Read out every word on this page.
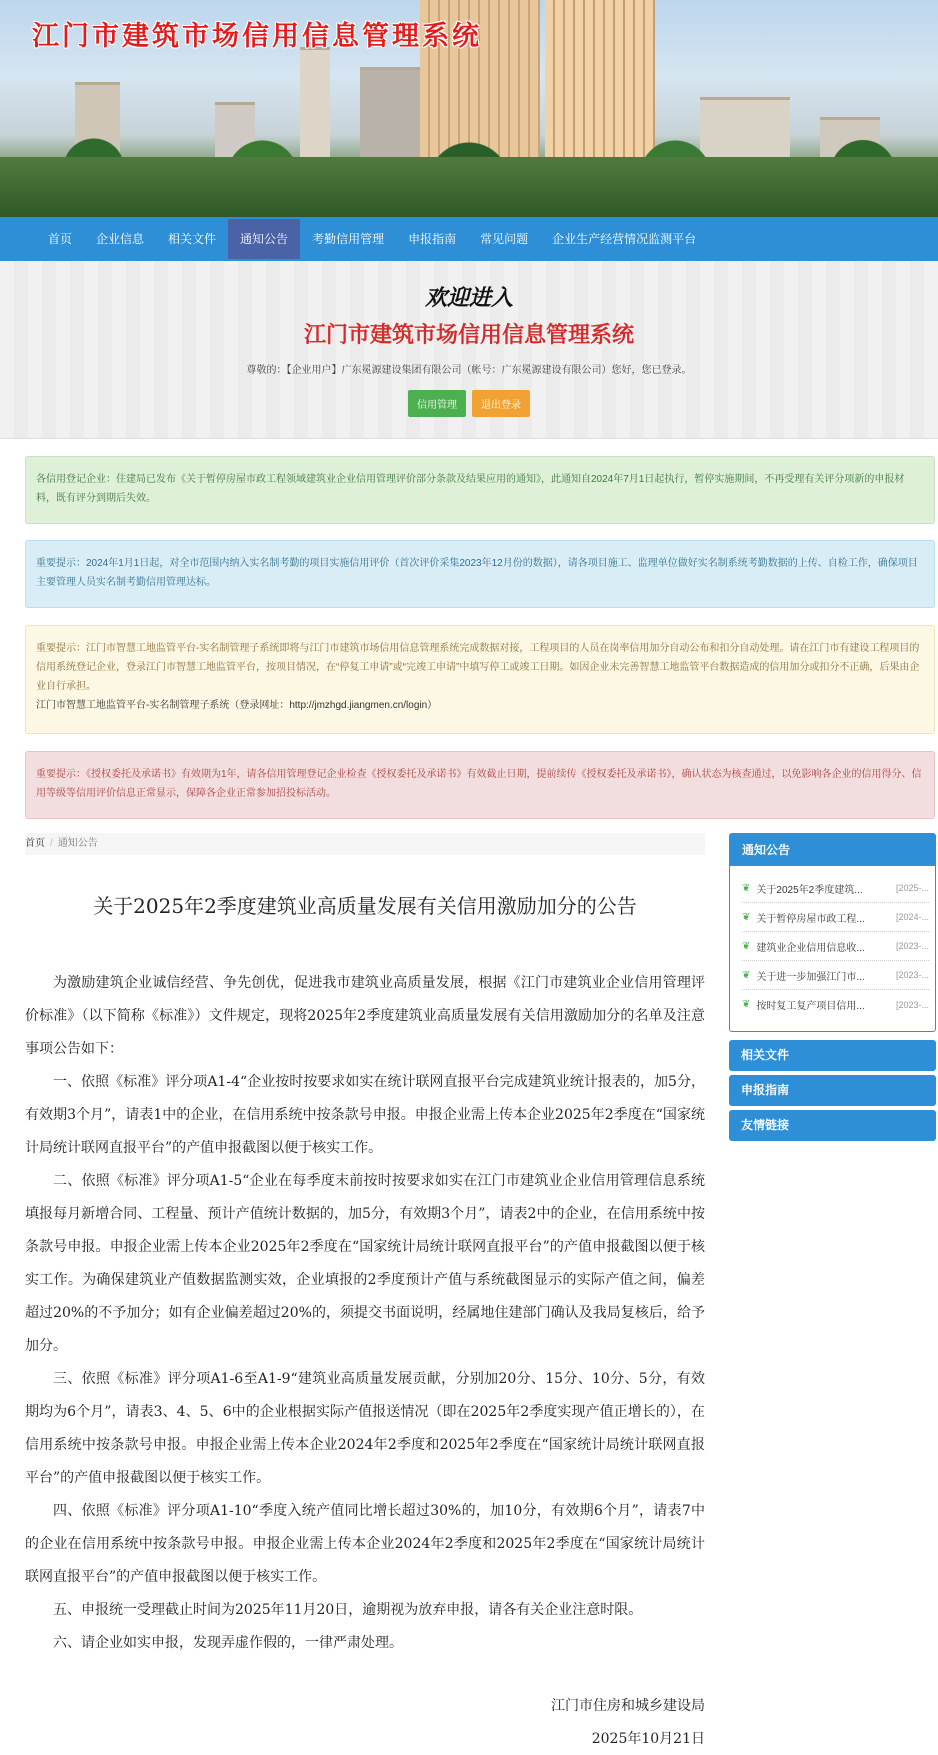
江门市建筑市场信用信息管理系统
首页	企业信息	相关文件	通知公告	考勤信用管理	申报指南	常见问题	企业生产经营情况监测平台
欢迎进入
江门市建筑市场信用信息管理系统
尊敬的：【企业用户】广东冕源建设集团有限公司（帐号：广东冕源建设有限公司）您好，您已登录。
信用管理	退出登录
各信用登记企业：住建局已发布《关于暂停房屋市政工程领域建筑业企业信用管理评价部分条款及结果应用的通知》，此通知自2024年7月1日起执行，暂停实施期间，不再受理有关评分项新的申报材料，既有评分到期后失效。
重要提示：2024年1月1日起，对全市范围内纳入实名制考勤的项目实施信用评价（首次评价采集2023年12月份的数据），请各项目施工、监理单位做好实名制系统考勤数据的上传、自检工作，确保项目主要管理人员实名制考勤信用管理达标。
重要提示：江门市智慧工地监管平台-实名制管理子系统即将与江门市建筑市场信用信息管理系统完成数据对接，工程项目的人员在岗率信用加分自动公布和扣分自动处理。请在江门市有建设工程项目的信用系统登记企业，登录江门市智慧工地监管平台，按项目情况，在“停复工申请”或“完竣工申请”中填写停工或竣工日期。如因企业未完善智慧工地监管平台数据造成的信用加分或扣分不正确，后果由企业自行承担。
江门市智慧工地监管平台-实名制管理子系统（登录网址：http://jmzhgd.jiangmen.cn/login）
重要提示：《授权委托及承诺书》有效期为1年，请各信用管理登记企业检查《授权委托及承诺书》有效截止日期，提前续传《授权委托及承诺书》，确认状态为核查通过，以免影响各企业的信用得分、信用等级等信用评价信息正常显示，保障各企业正常参加招投标活动。
首页 / 通知公告
关于2025年2季度建筑业高质量发展有关信用激励加分的公告

为激励建筑企业诚信经营、争先创优，促进我市建筑业高质量发展，根据《江门市建筑业企业信用管理评价标准》（以下简称《标准》）文件规定，现将2025年2季度建筑业高质量发展有关信用激励加分的名单及注意事项公告如下：

一、依照《标准》评分项A1-4“企业按时按要求如实在统计联网直报平台完成建筑业统计报表的，加5分，有效期3个月”，请表1中的企业，在信用系统中按条款号申报。申报企业需上传本企业2025年2季度在“国家统计局统计联网直报平台”的产值申报截图以便于核实工作。

二、依照《标准》评分项A1-5“企业在每季度末前按时按要求如实在江门市建筑业企业信用管理信息系统填报每月新增合同、工程量、预计产值统计数据的，加5分，有效期3个月”，请表2中的企业，在信用系统中按条款号申报。申报企业需上传本企业2025年2季度在“国家统计局统计联网直报平台”的产值申报截图以便于核实工作。为确保建筑业产值数据监测实效，企业填报的2季度预计产值与系统截图显示的实际产值之间，偏差超过20%的不予加分；如有企业偏差超过20%的，须提交书面说明，经属地住建部门确认及我局复核后，给予加分。

三、依照《标准》评分项A1-6至A1-9“建筑业高质量发展贡献，分别加20分、15分、10分、5分，有效期均为6个月”，请表3、4、5、6中的企业根据实际产值报送情况（即在2025年2季度实现产值正增长的），在信用系统中按条款号申报。申报企业需上传本企业2024年2季度和2025年2季度在“国家统计局统计联网直报平台”的产值申报截图以便于核实工作。

四、依照《标准》评分项A1-10“季度入统产值同比增长超过30%的，加10分，有效期6个月”，请表7中的企业在信用系统中按条款号申报。申报企业需上传本企业2024年2季度和2025年2季度在“国家统计局统计联网直报平台”的产值申报截图以便于核实工作。

五、申报统一受理截止时间为2025年11月20日，逾期视为放弃申报，请各有关企业注意时限。

六、请企业如实申报，发现弄虚作假的，一律严肃处理。

江门市住房和城乡建设局
2025年10月21日
通知公告
❦ 关于2025年2季度建筑...	[2025-...
❦ 关于暂停房屋市政工程...	[2024-...
❦ 建筑业企业信用信息收...	[2023-...
❦ 关于进一步加强江门市...	[2023-...
❦ 按时复工复产项目信用...	[2023-...
相关文件
申报指南
友情链接
